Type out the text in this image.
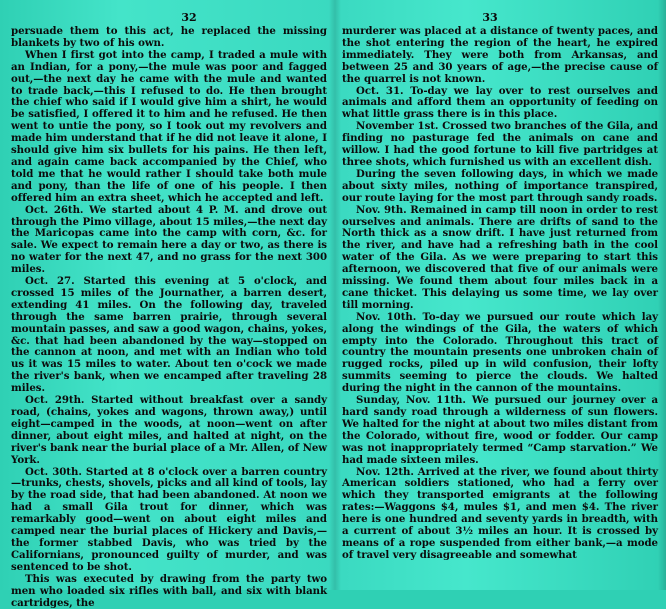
32

persuade them to this act, he replaced the missing blankets by two of his own.

When I first got into the camp, I traded a mule with an Indian, for a pony,—the mule was poor and fagged out,—the next day he came with the mule and wanted to trade back,—this I refused to do. He then brought the chief who said if I would give him a shirt, he would be satisfied, I offered it to him and he refused. He then went to untie the pony, so I took out my revolvers and made him understand that if he did not leave it alone, I should give him six bullets for his pains. He then left, and again came back accompanied by the Chief, who told me that he would rather I should take both mule and pony, than the life of one of his people. I then offered him an extra sheet, which he accepted and left.

Oct. 26th. We started about 4 P. M. and drove out through the Pimo village, about 15 miles,—the next day the Maricopas came into the camp with corn, &c. for sale. We expect to remain here a day or two, as there is no water for the next 47, and no grass for the next 300 miles.

Oct. 27. Started this evening at 5 o'clock, and crossed 15 miles of the Journather, a barren desert, extending 41 miles. On the following day, traveled through the same barren prairie, through several mountain passes, and saw a good wagon, chains, yokes, &c. that had been abandoned by the way—stopped on the cannon at noon, and met with an Indian who told us it was 15 miles to water. About ten o'cock we made the river's bank, when we encamped after traveling 28 miles.

Oct. 29th. Started without breakfast over a sandy road, (chains, yokes and wagons, thrown away,) until eight—camped in the woods, at noon—went on after dinner, about eight miles, and halted at night, on the river's bank near the burial place of a Mr. Allen, of New York.

Oct. 30th. Started at 8 o'clock over a barren country—trunks, chests, shovels, picks and all kind of tools, lay by the road side, that had been abandoned. At noon we had a small Gila trout for dinner, which was remarkably good—went on about eight miles and camped near the burial places of Hickery and Davis,—the former stabbed Davis, who was tried by the Californians, pronounced guilty of murder, and was sentenced to be shot.

This was executed by drawing from the party two men who loaded six rifles with ball, and six with blank cartridges, the

33

murderer was placed at a distance of twenty paces, and the shot entering the region of the heart, he expired immediately. They were both from Arkansas, and between 25 and 30 years of age,—the precise cause of the quarrel is not known.

Oct. 31. To-day we lay over to rest ourselves and animals and afford them an opportunity of feeding on what little grass there is in this place.

November 1st. Crossed two branches of the Gila, and finding no pasturage fed the animals on cane and willow. I had the good fortune to kill five partridges at three shots, which furnished us with an excellent dish.

During the seven following days, in which we made about sixty miles, nothing of importance transpired, our route laying for the most part through sandy roads.

Nov. 9th. Remained in camp till noon in order to rest ourselves and animals. There are drifts of sand to the North thick as a snow drift. I have just returned from the river, and have had a refreshing bath in the cool water of the Gila. As we were preparing to start this afternoon, we discovered that five of our animals were missing. We found them about four miles back in a cane thicket. This delaying us some time, we lay over till morning.

Nov. 10th. To-day we pursued our route which lay along the windings of the Gila, the waters of which empty into the Colorado. Throughout this tract of country the mountain presents one unbroken chain of rugged rocks, piled up in wild confusion, their lofty summits seeming to pierce the clouds. We halted during the night in the cannon of the mountains.

Sunday, Nov. 11th. We pursued our journey over a hard sandy road through a wilderness of sun flowers. We halted for the night at about two miles distant from the Colorado, without fire, wood or fodder. Our camp was not inappropriately termed “Camp starvation.” We had made sixteen miles.

Nov. 12th. Arrived at the river, we found about thirty American soldiers stationed, who had a ferry over which they transported emigrants at the following rates:—Waggons $4, mules $1, and men $4. The river here is one hundred and seventy yards in breadth, with a current of about 3½ miles an hour. It is crossed by means of a rope suspended from either bank,—a mode of travel very disagreeable and somewhat
